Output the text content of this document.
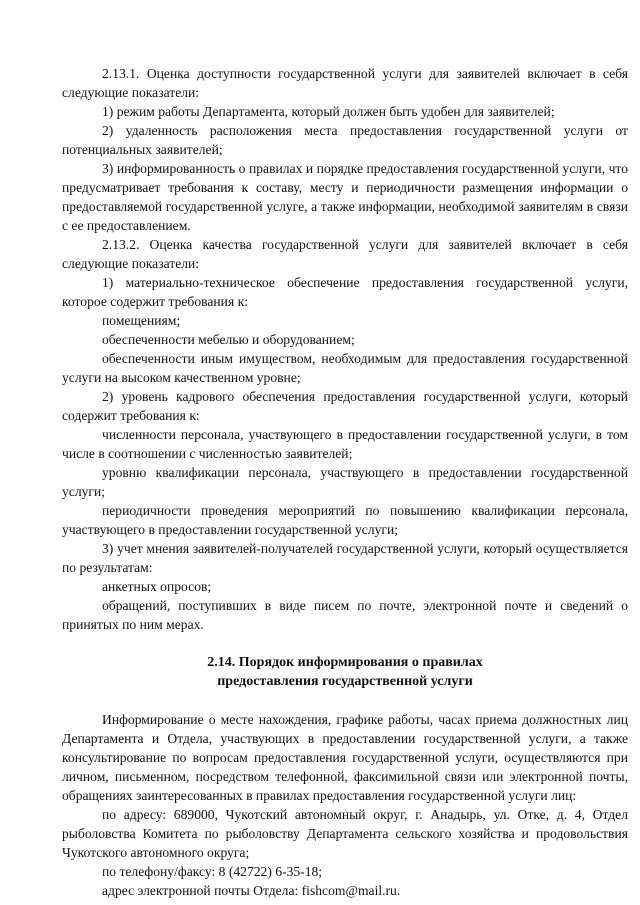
2.13.1. Оценка доступности государственной услуги для заявителей включает в себя следующие показатели:

1) режим работы Департамента, который должен быть удобен для заявителей;

2) удаленность расположения места предоставления государственной услуги от потенциальных заявителей;

3) информированность о правилах и порядке предоставления государственной услуги, что предусматривает требования к составу, месту и периодичности размещения информации о предоставляемой государственной услуге, а также информации, необходимой заявителям в связи с ее предоставлением.

2.13.2. Оценка качества государственной услуги для заявителей включает в себя следующие показатели:

1) материально-техническое обеспечение предоставления государственной услуги, которое содержит требования к:

помещениям;

обеспеченности мебелью и оборудованием;

обеспеченности иным имуществом, необходимым для предоставления государственной услуги на высоком качественном уровне;

2) уровень кадрового обеспечения предоставления государственной услуги, который содержит требования к:

численности персонала, участвующего в предоставлении государственной услуги, в том числе в соотношении с численностью заявителей;

уровню квалификации персонала, участвующего в предоставлении государственной услуги;

периодичности проведения мероприятий по повышению квалификации персонала, участвующего в предоставлении государственной услуги;

3) учет мнения заявителей-получателей государственной услуги, который осуществляется по результатам:

анкетных опросов;

обращений, поступивших в виде писем по почте, электронной почте и сведений о принятых по ним мерах.

2.14. Порядок информирования о правилах
предоставления государственной услуги

Информирование о месте нахождения, графике работы, часах приема должностных лиц Департамента и Отдела, участвующих в предоставлении государственной услуги, а также консультирование по вопросам предоставления государственной услуги, осуществляются при личном, письменном, посредством телефонной, факсимильной связи или электронной почты, обращениях заинтересованных в правилах предоставления государственной услуги лиц:

по адресу: 689000, Чукотский автономный округ, г. Анадырь, ул. Отке, д. 4, Отдел рыболовства Комитета по рыболовству Департамента сельского хозяйства и продовольствия Чукотского автономного округа;

по телефону/факсу: 8 (42722) 6-35-18;

адрес электронной почты Отдела: fishcom@mail.ru.
